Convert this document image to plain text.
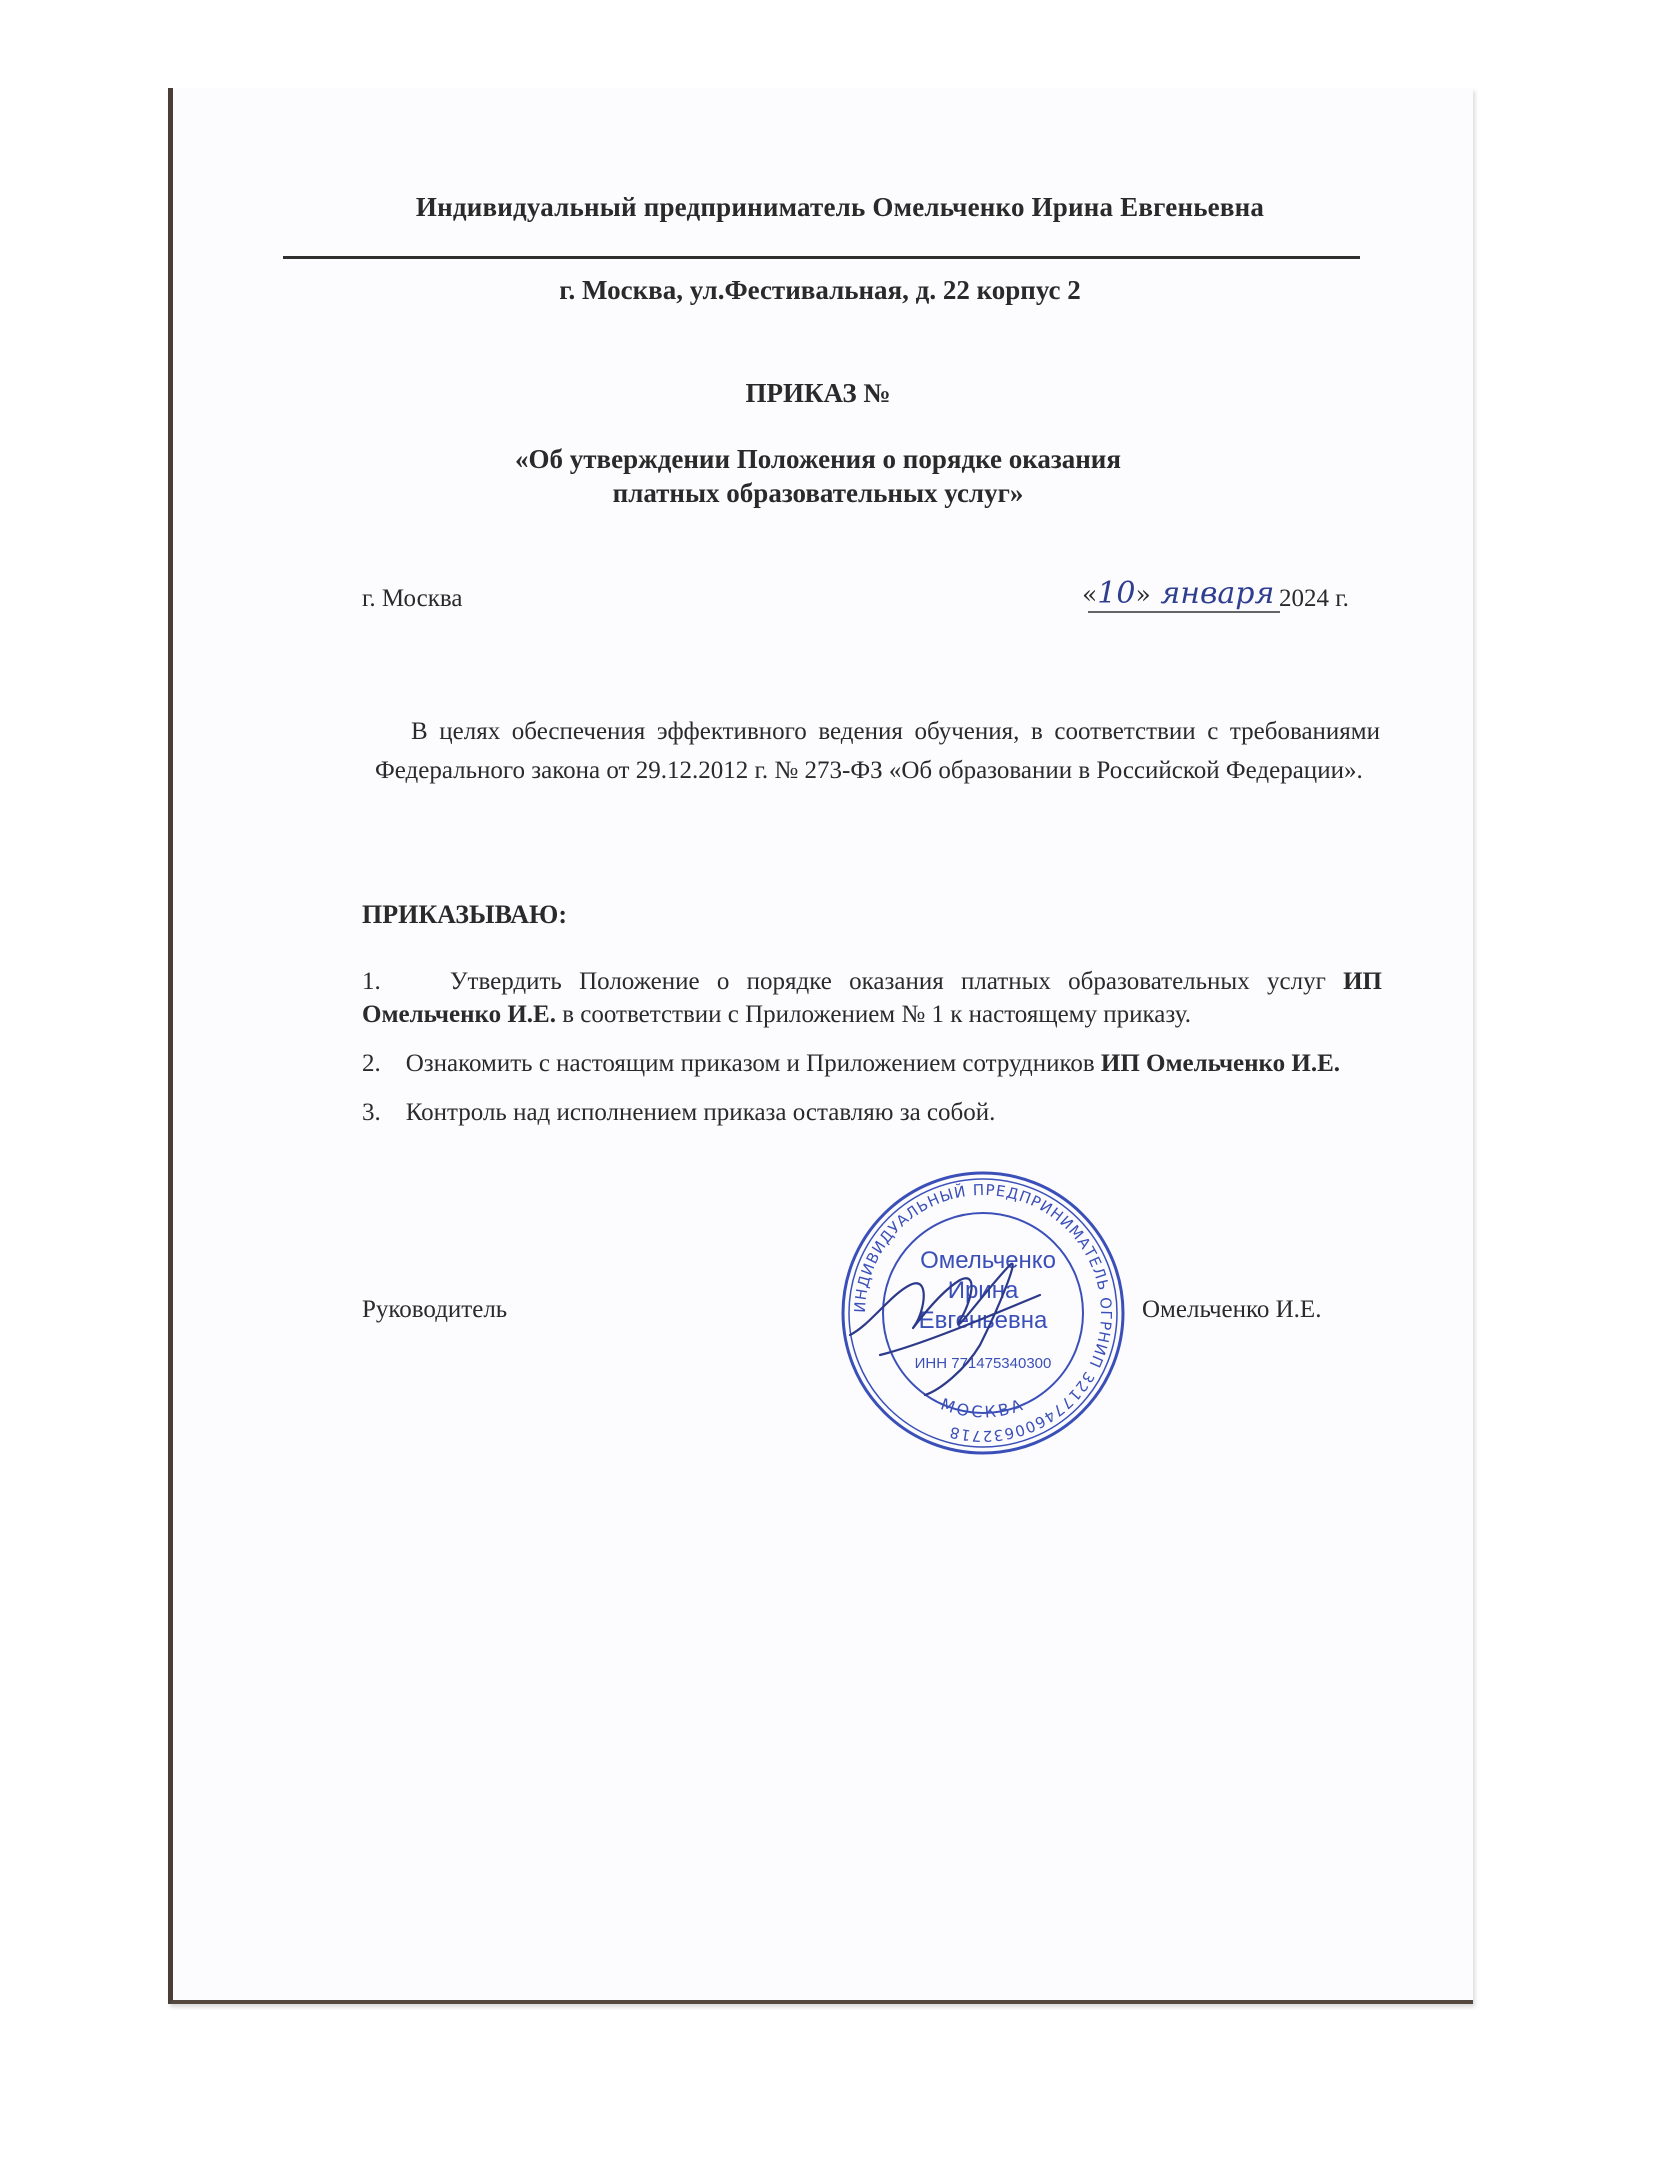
Индивидуальный предприниматель Омельченко Ирина Евгеньевна
г. Москва, ул.Фестивальная, д. 22 корпус 2
ПРИКАЗ №
«Об утверждении Положения о порядке оказания
платных образовательных услуг»
г. Москва	«10» января 2024 г.
В целях обеспечения эффективного ведения обучения, в соответствии с требованиями Федерального закона от 29.12.2012 г. № 273-ФЗ «Об образовании в Российской Федерации».
ПРИКАЗЫВАЮ:
1.	Утвердить Положение о порядке оказания платных образовательных услуг ИП Омельченко И.Е. в соответствии с Приложением № 1 к настоящему приказу.
2. Ознакомить с настоящим приказом и Приложением сотрудников ИП Омельченко И.Е.
3. Контроль над исполнением приказа оставляю за собой.
Руководитель	Омельченко И.Е.
ИНДИВИДУАЛЬНЫЙ ПРЕДПРИНИМАТЕЛЬ ОГРНИП 321774600632718
МОСКВА
Омельченко
Ирина
Евгеньевна
ИНН 771475340300
